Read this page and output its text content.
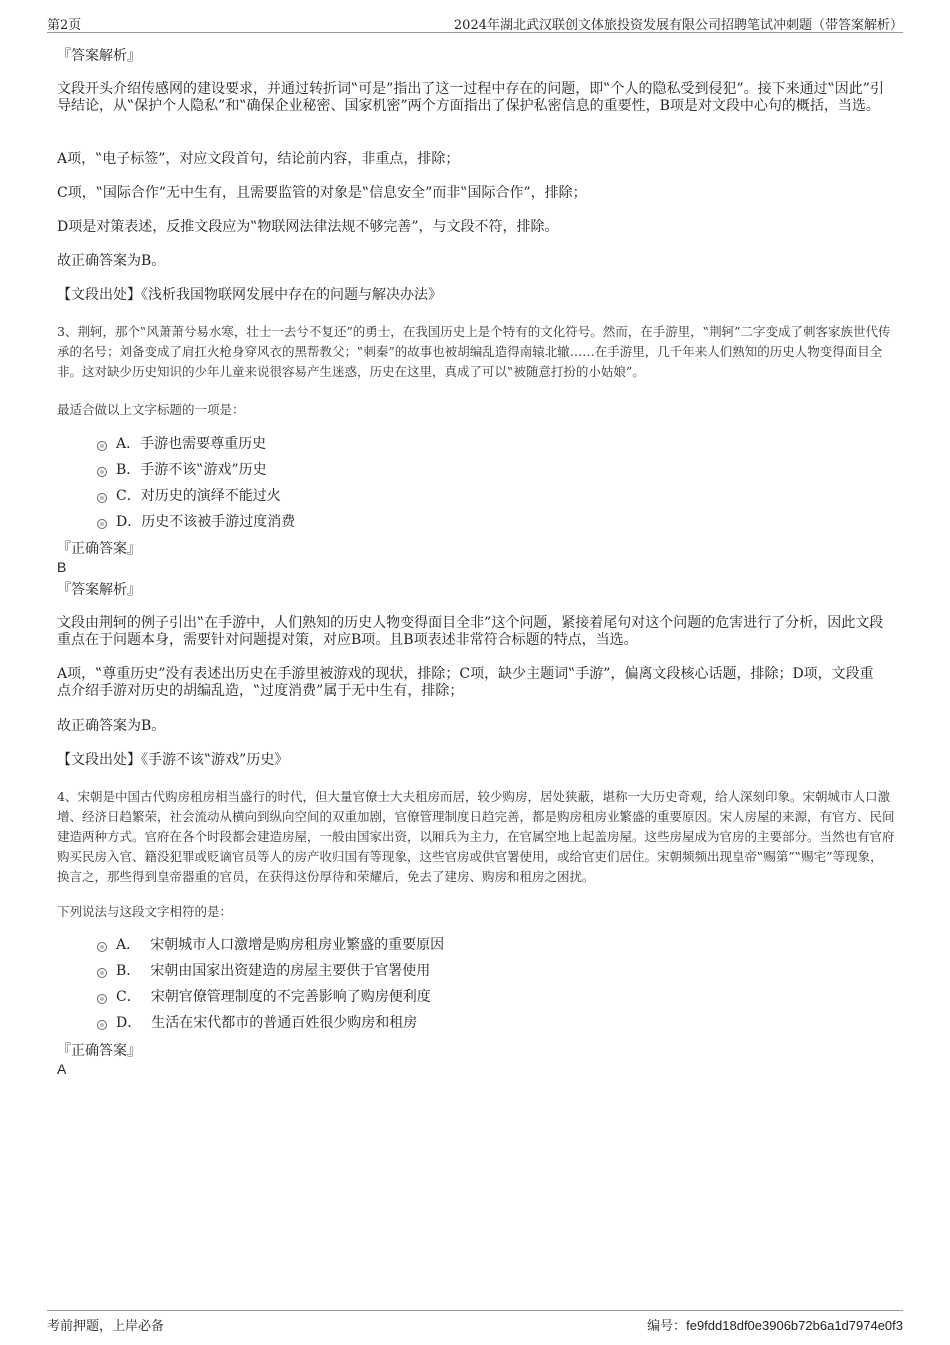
第2页	2024年湖北武汉联创文体旅投资发展有限公司招聘笔试冲刺题（带答案解析）
『答案解析』
文段开头介绍传感网的建设要求，并通过转折词‟可是”指出了这一过程中存在的问题，即‟个人的隐私受到侵犯”。接下来通过‟因此”引导结论，从‟保护个人隐私”和‟确保企业秘密、国家机密”两个方面指出了保护私密信息的重要性，B项是对文段中心句的概括，当选。
A项，‟电子标签”，对应文段首句，结论前内容，非重点，排除；
C项，‟国际合作”无中生有，且需要监管的对象是‟信息安全”而非‟国际合作”，排除；
D项是对策表述，反推文段应为‟物联网法律法规不够完善”，与文段不符，排除。
故正确答案为B。
【文段出处】《浅析我国物联网发展中存在的问题与解决办法》
3、荆轲，那个‟风萧萧兮易水寒，壮士一去兮不复还”的勇士，在我国历史上是个特有的文化符号。然而，在手游里，‟荆轲”二字变成了刺客家族世代传承的名号；刘备变成了肩扛火枪身穿风衣的黑帮教父；‟刺秦”的故事也被胡编乱造得南辕北辙……在手游里，几千年来人们熟知的历史人物变得面目全非。这对缺少历史知识的少年儿童来说很容易产生迷惑，历史在这里，真成了可以‟被随意打扮的小姑娘”。
最适合做以上文字标题的一项是：
A． 手游也需要尊重历史
B． 手游不该‟游戏”历史
C． 对历史的演绎不能过火
D． 历史不该被手游过度消费
『正确答案』
B
『答案解析』
文段由荆轲的例子引出‟在手游中，人们熟知的历史人物变得面目全非”这个问题，紧接着尾句对这个问题的危害进行了分析，因此文段重点在于问题本身，需要针对问题提对策，对应B项。且B项表述非常符合标题的特点，当选。
A项，‟尊重历史”没有表述出历史在手游里被游戏的现状，排除；C项，缺少主题词‟手游”，偏离文段核心话题，排除；D项，文段重点介绍手游对历史的胡编乱造，‟过度消费”属于无中生有，排除；
故正确答案为B。
【文段出处】《手游不该‟游戏”历史》
4、宋朝是中国古代购房租房相当盛行的时代，但大量官僚士大夫租房而居，较少购房，居处狭蔽，堪称一大历史奇观，给人深刻印象。宋朝城市人口激增、经济日趋繁荣，社会流动从横向到纵向空间的双重加剧，官僚管理制度日趋完善，都是购房租房业繁盛的重要原因。宋人房屋的来源，有官方、民间建造两种方式。官府在各个时段都会建造房屋，一般由国家出资，以厢兵为主力，在官属空地上起盖房屋。这些房屋成为官房的主要部分。当然也有官府购买民房入官、籍没犯罪或贬谪官员等人的房产收归国有等现象，这些官房或供官署使用，或给官吏们居住。宋朝频频出现皇帝‟赐第”‟赐宅”等现象，换言之，那些得到皇帝器重的官员，在获得这份厚待和荣耀后，免去了建房、购房和租房之困扰。
下列说法与这段文字相符的是：
A． 宋朝城市人口激增是购房租房业繁盛的重要原因
B． 宋朝由国家出资建造的房屋主要供于官署使用
C． 宋朝官僚管理制度的不完善影响了购房便利度
D． 生活在宋代都市的普通百姓很少购房和租房
『正确答案』
A
考前押题，上岸必备	编号：fe9fdd18df0e3906b72b6a1d7974e0f3
